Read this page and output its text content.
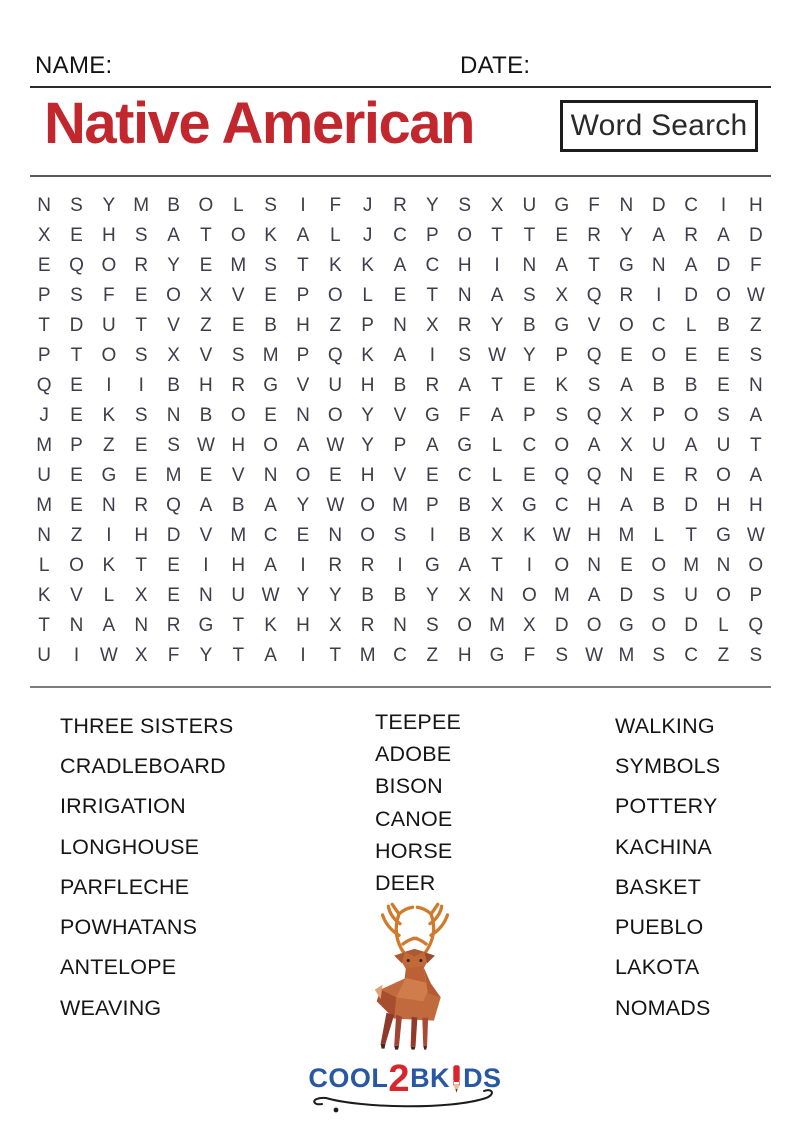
NAME:	DATE:
Native American	Word Search
N	S	Y M B O	L	S	I	F	J	R	Y	S	X	U G	F	N D C	I	H
X	E	H	S	A	T	O K	A	L	J	C	P O	T	T	E	R	Y	A	R	A	D
E Q O R	Y	E M S	T	K	K	A	C H	I	N	A	T	G N	A	D	F
P	S	F	E O X	V	E	P O	L	E	T	N	A	S	X Q R	I	D O W
T	D U	T	V	Z	E	B	H	Z	P	N	X	R	Y	B G V O C	L	B	Z
P	T	O S	X	V	S M P Q K	A	I	S W Y	P Q E O E	E	S
Q E	I	I	B	H R G V	U H	B	R	A	T	E	K	S	A	B	B	E	N
J	E	K	S	N	B O E	N O Y	V G	F	A	P	S Q X	P O S	A
M P	Z	E	S W H O A W Y	P	A G	L	C O A	X	U	A	U	T
U	E G E M E	V	N O E	H	V	E	C	L	E Q Q N	E	R O A
M E	N R Q A	B	A	Y W O M P	B	X G C H	A	B	D H H
N	Z	I	H D	V M C	E	N O S	I	B	X	K W H M	L	T	G W
L	O K	T	E	I	H	A	I	R R	I	G A	T	I	O N	E O M N O
K	V	L	X	E	N U W Y	Y	B	B	Y	X	N O M A	D	S	U O P
T	N	A	N R G	T	K	H	X	R N	S O M X	D O G O D	L	Q
U	I	W X	F	Y	T	A	I	T M C	Z	H G	F	S W M S	C	Z	S
THREE SISTERS
CRADLEBOARD
IRRIGATION
LONGHOUSE
PARFLECHE
POWHATANS
ANTELOPE
WEAVING
TEEPEE
ADOBE
BISON
CANOE
HORSE
DEER
WALKING
SYMBOLS
POTTERY
KACHINA
BASKET
PUEBLO
LAKOTA
NOMADS
COOL2BK DS
